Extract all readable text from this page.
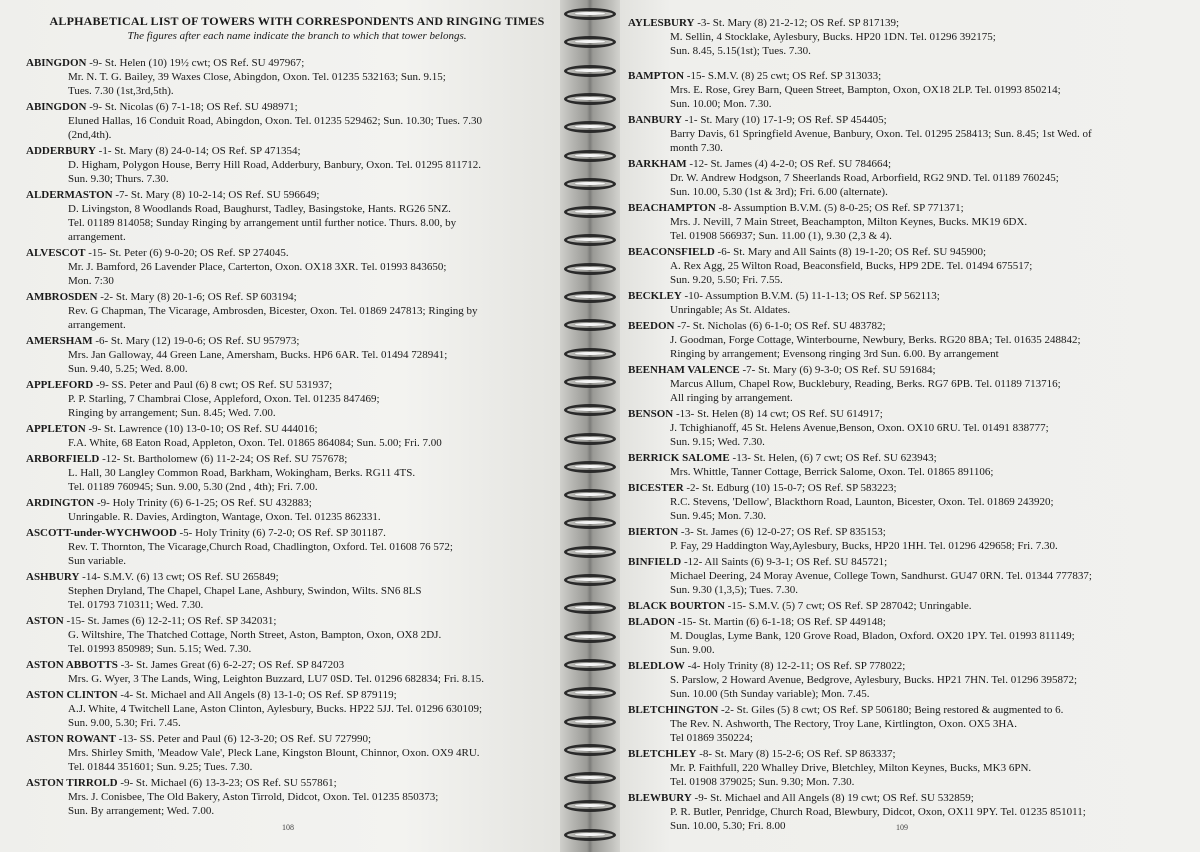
ALPHABETICAL LIST OF TOWERS WITH CORRESPONDENTS AND RINGING TIMES
The figures after each name indicate the branch to which that tower belongs.
ABINGDON -9- St. Helen (10) 19½ cwt; OS Ref. SU 497967;
Mr. N. T. G. Bailey, 39 Waxes Close, Abingdon, Oxon. Tel. 01235 532163; Sun. 9.15;
Tues. 7.30 (1st,3rd,5th).
ABINGDON -9- St. Nicolas (6) 7-1-18; OS Ref. SU 498971;
Eluned Hallas, 16 Conduit Road, Abingdon, Oxon. Tel. 01235 529462; Sun. 10.30; Tues. 7.30
(2nd,4th).
ADDERBURY -1- St. Mary (8) 24-0-14; OS Ref. SP 471354;
D. Higham, Polygon House, Berry Hill Road, Adderbury, Banbury, Oxon. Tel. 01295 811712.
Sun. 9.30; Thurs. 7.30.
ALDERMASTON -7- St. Mary (8) 10-2-14; OS Ref. SU 596649;
D. Livingston, 8 Woodlands Road, Baughurst, Tadley, Basingstoke, Hants. RG26 5NZ.
Tel. 01189 814058; Sunday Ringing by arrangement until further notice. Thurs. 8.00, by
arrangement.
ALVESCOT -15- St. Peter (6) 9-0-20; OS Ref. SP 274045.
Mr. J. Bamford, 26 Lavender Place, Carterton, Oxon. OX18 3XR. Tel. 01993 843650;
Mon. 7:30
AMBROSDEN -2- St. Mary (8) 20-1-6; OS Ref. SP 603194;
Rev. G Chapman, The Vicarage, Ambrosden, Bicester, Oxon. Tel. 01869 247813; Ringing by
arrangement.
AMERSHAM -6- St. Mary (12) 19-0-6; OS Ref. SU 957973;
Mrs. Jan Galloway, 44 Green Lane, Amersham, Bucks. HP6 6AR. Tel. 01494 728941;
Sun. 9.40, 5.25; Wed. 8.00.
APPLEFORD -9- SS. Peter and Paul (6) 8 cwt; OS Ref. SU 531937;
P. P. Starling, 7 Chambrai Close, Appleford, Oxon. Tel. 01235 847469;
Ringing by arrangement; Sun. 8.45; Wed. 7.00.
APPLETON -9- St. Lawrence (10) 13-0-10; OS Ref. SU 444016;
F.A. White, 68 Eaton Road, Appleton, Oxon. Tel. 01865 864084; Sun. 5.00; Fri. 7.00
ARBORFIELD -12- St. Bartholomew (6) 11-2-24; OS Ref. SU 757678;
L. Hall, 30 Langley Common Road, Barkham, Wokingham, Berks. RG11 4TS.
Tel. 01189 760945; Sun. 9.00, 5.30 (2nd , 4th); Fri. 7.00.
ARDINGTON -9- Holy Trinity (6) 6-1-25; OS Ref. SU 432883;
Unringable. R. Davies, Ardington, Wantage, Oxon. Tel. 01235 862331.
ASCOTT-under-WYCHWOOD -5- Holy Trinity (6) 7-2-0; OS Ref. SP 301187.
Rev. T. Thornton, The Vicarage,Church Road, Chadlington, Oxford. Tel. 01608 76 572;
Sun variable.
ASHBURY -14- S.M.V. (6) 13 cwt; OS Ref. SU 265849;
Stephen Dryland, The Chapel, Chapel Lane, Ashbury, Swindon, Wilts. SN6 8LS
Tel. 01793 710311; Wed. 7.30.
ASTON -15- St. James (6) 12-2-11; OS Ref. SP 342031;
G. Wiltshire, The Thatched Cottage, North Street, Aston, Bampton, Oxon, OX8 2DJ.
Tel. 01993 850989; Sun. 5.15; Wed. 7.30.
ASTON ABBOTTS -3- St. James Great (6) 6-2-27; OS Ref. SP 847203
Mrs. G. Wyer, 3 The Lands, Wing, Leighton Buzzard, LU7 0SD. Tel. 01296 682834; Fri. 8.15.
ASTON CLINTON -4- St. Michael and All Angels (8) 13-1-0; OS Ref. SP 879119;
A.J. White, 4 Twitchell Lane, Aston Clinton, Aylesbury, Bucks. HP22 5JJ. Tel. 01296 630109;
Sun. 9.00, 5.30; Fri. 7.45.
ASTON ROWANT -13- SS. Peter and Paul (6) 12-3-20; OS Ref. SU 727990;
Mrs. Shirley Smith, 'Meadow Vale', Pleck Lane, Kingston Blount, Chinnor, Oxon. OX9 4RU.
Tel. 01844 351601; Sun. 9.25; Tues. 7.30.
ASTON TIRROLD -9- St. Michael (6) 13-3-23; OS Ref. SU 557861;
Mrs. J. Conisbee, The Old Bakery, Aston Tirrold, Didcot, Oxon. Tel. 01235 850373;
Sun. By arrangement; Wed. 7.00.
108
AYLESBURY -3- St. Mary (8) 21-2-12; OS Ref. SP 817139;
M. Sellin, 4 Stocklake, Aylesbury, Bucks. HP20 1DN. Tel. 01296 392175;
Sun. 8.45, 5.15(1st); Tues. 7.30.
BAMPTON -15- S.M.V. (8) 25 cwt; OS Ref. SP 313033;
Mrs. E. Rose, Grey Barn, Queen Street, Bampton, Oxon, OX18 2LP. Tel. 01993 850214;
Sun. 10.00; Mon. 7.30.
BANBURY -1- St. Mary (10) 17-1-9; OS Ref. SP 454405;
Barry Davis, 61 Springfield Avenue, Banbury, Oxon. Tel. 01295 258413; Sun. 8.45; 1st Wed. of
month 7.30.
BARKHAM -12- St. James (4) 4-2-0; OS Ref. SU 784664;
Dr. W. Andrew Hodgson, 7 Sheerlands Road, Arborfield, RG2 9ND. Tel. 01189 760245;
Sun. 10.00, 5.30 (1st & 3rd); Fri. 6.00 (alternate).
BEACHAMPTON -8- Assumption B.V.M. (5) 8-0-25; OS Ref. SP 771371;
Mrs. J. Nevill, 7 Main Street, Beachampton, Milton Keynes, Bucks. MK19 6DX.
Tel. 01908 566937; Sun. 11.00 (1), 9.30 (2,3 & 4).
BEACONSFIELD -6- St. Mary and All Saints (8) 19-1-20; OS Ref. SU 945900;
A. Rex Agg, 25 Wilton Road, Beaconsfield, Bucks, HP9 2DE. Tel. 01494 675517;
Sun. 9.20, 5.50; Fri. 7.55.
BECKLEY -10- Assumption B.V.M. (5) 11-1-13; OS Ref. SP 562113;
Unringable; As St. Aldates.
BEEDON -7- St. Nicholas (6) 6-1-0; OS Ref. SU 483782;
J. Goodman, Forge Cottage, Winterbourne, Newbury, Berks. RG20 8BA; Tel. 01635 248842;
Ringing by arrangement; Evensong ringing 3rd Sun. 6.00. By arrangement
BEENHAM VALENCE -7- St. Mary (6) 9-3-0; OS Ref. SU 591684;
Marcus Allum, Chapel Row, Bucklebury, Reading, Berks. RG7 6PB. Tel. 01189 713716;
All ringing by arrangement.
BENSON -13- St. Helen (8) 14 cwt; OS Ref. SU 614917;
J. Tchighianoff, 45 St. Helens Avenue,Benson, Oxon. OX10 6RU. Tel. 01491 838777;
Sun. 9.15; Wed. 7.30.
BERRICK SALOME -13- St. Helen, (6) 7 cwt; OS Ref. SU 623943;
Mrs. Whittle, Tanner Cottage, Berrick Salome, Oxon. Tel. 01865 891106;
BICESTER -2- St. Edburg (10) 15-0-7; OS Ref. SP 583223;
R.C. Stevens, 'Dellow', Blackthorn Road, Launton, Bicester, Oxon. Tel. 01869 243920;
Sun. 9.45; Mon. 7.30.
BIERTON -3- St. James (6) 12-0-27; OS Ref. SP 835153;
P. Fay, 29 Haddington Way,Aylesbury, Bucks, HP20 1HH. Tel. 01296 429658; Fri. 7.30.
BINFIELD -12- All Saints (6) 9-3-1; OS Ref. SU 845721;
Michael Deering, 24 Moray Avenue, College Town, Sandhurst. GU47 0RN. Tel. 01344 777837;
Sun. 9.30 (1,3,5); Tues. 7.30.
BLACK BOURTON -15- S.M.V. (5) 7 cwt; OS Ref. SP 287042; Unringable.
BLADON -15- St. Martin (6) 6-1-18; OS Ref. SP 449148;
M. Douglas, Lyme Bank, 120 Grove Road, Bladon, Oxford. OX20 1PY. Tel. 01993 811149;
Sun. 9.00.
BLEDLOW -4- Holy Trinity (8) 12-2-11; OS Ref. SP 778022;
S. Parslow, 2 Howard Avenue, Bedgrove, Aylesbury, Bucks. HP21 7HN. Tel. 01296 395872;
Sun. 10.00 (5th Sunday variable); Mon. 7.45.
BLETCHINGTON -2- St. Giles (5) 8 cwt; OS Ref. SP 506180; Being restored & augmented to 6.
The Rev. N. Ashworth, The Rectory, Troy Lane, Kirtlington, Oxon. OX5 3HA.
Tel 01869 350224;
BLETCHLEY -8- St. Mary (8) 15-2-6; OS Ref. SP 863337;
Mr. P. Faithfull, 220 Whalley Drive, Bletchley, Milton Keynes, Bucks, MK3 6PN.
Tel. 01908 379025; Sun. 9.30; Mon. 7.30.
BLEWBURY -9- St. Michael and All Angels (8) 19 cwt; OS Ref. SU 532859;
P. R. Butler, Penridge, Church Road, Blewbury, Didcot, Oxon, OX11 9PY. Tel. 01235 851011;
Sun. 10.00, 5.30; Fri. 8.00	109
